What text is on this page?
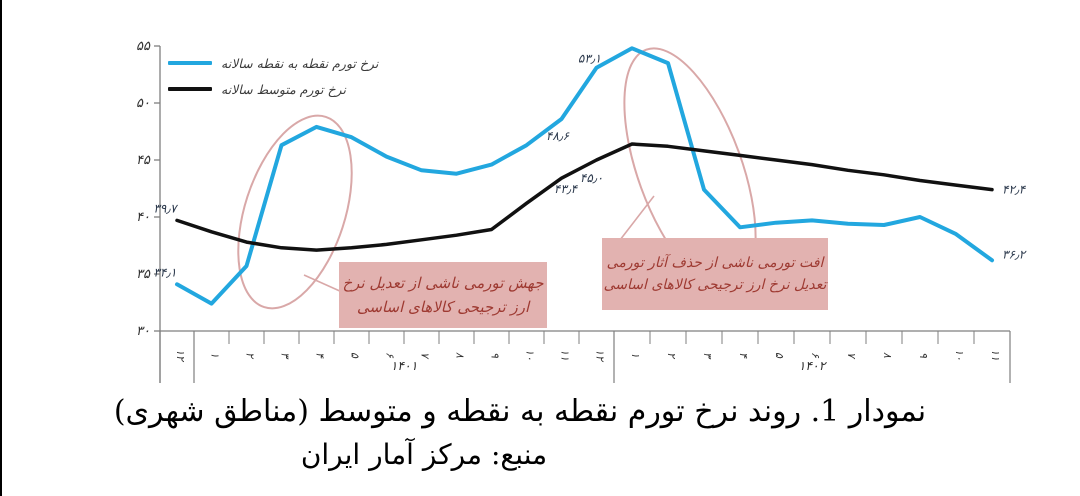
۳۰
۳۵
۴۰
۴۵
۵۰
۵۵
۱۲ ۱ ۲ ۳ ۴ ۵ ۶ ۷ ۸ ۹ ۱۰ ۱۱ ۱۲ ۱ ۲ ۳ ۴ ۵ ۶ ۷ ۸ ۹ ۱۰ ۱۱
۱۴۰۱	۱۴۰۲
۳۴٫۱
۳۹٫۷
۴۸٫۶
۵۳٫۱
۴۳٫۴
۴۵٫۰
۳۶٫۲
۴۲٫۴
نرخ تورم نقطه به نقطه سالانه
نرخ تورم متوسط سالانه
جهش تورمی ناشی از تعدیل نرخ
ارز ترجیحی کالاهای اساسی
افت تورمی ناشی از حذف آثار تورمی
تعدیل نرخ ارز ترجیحی کالاهای اساسی
نمودار 1. روند نرخ تورم نقطه به نقطه و متوسط (مناطق شهری)
منبع: مرکز آمار ایران
